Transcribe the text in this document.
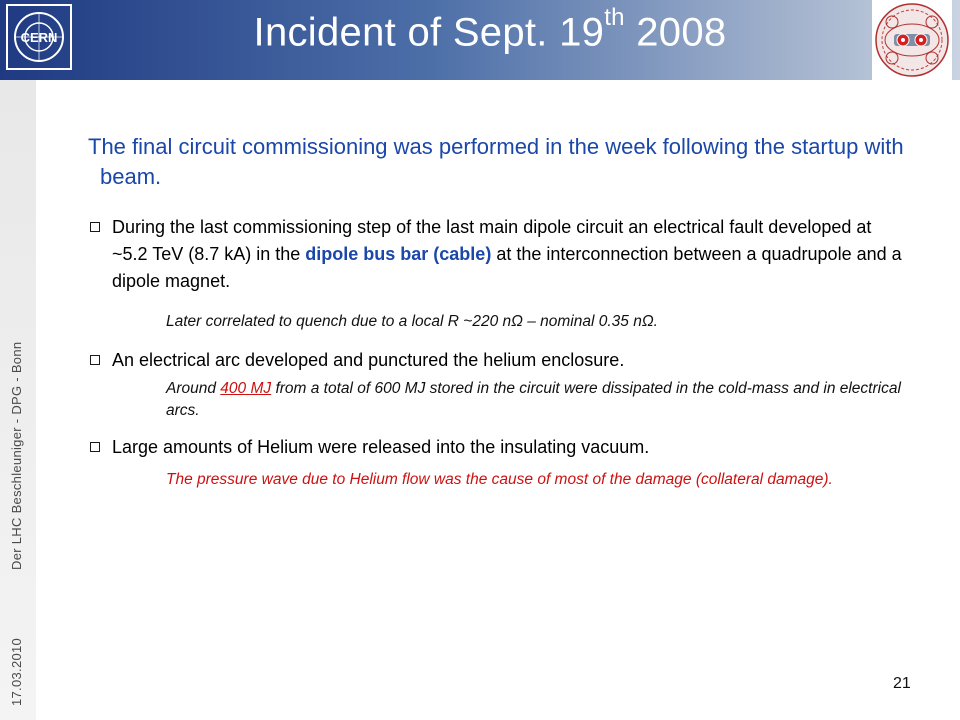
CERN	Incident of Sept. 19th 2008
17.03.2010
Der LHC Beschleuniger - DPG - Bonn

The final circuit commissioning was performed in the week following the startup with beam.

During the last commissioning step of the last main dipole circuit an electrical fault developed at ~5.2 TeV (8.7 kA) in the dipole bus bar (cable) at the interconnection between a quadrupole and a dipole magnet.

Later correlated to quench due to a local R ~220 nΩ – nominal 0.35 nΩ.

An electrical arc developed and punctured the helium enclosure.

Around 400 MJ from a total of 600 MJ stored in the circuit were dissipated in the cold-mass and in electrical arcs.

Large amounts of Helium were released into the insulating vacuum.

The pressure wave due to Helium flow was the cause of most of the damage (collateral damage).

21
